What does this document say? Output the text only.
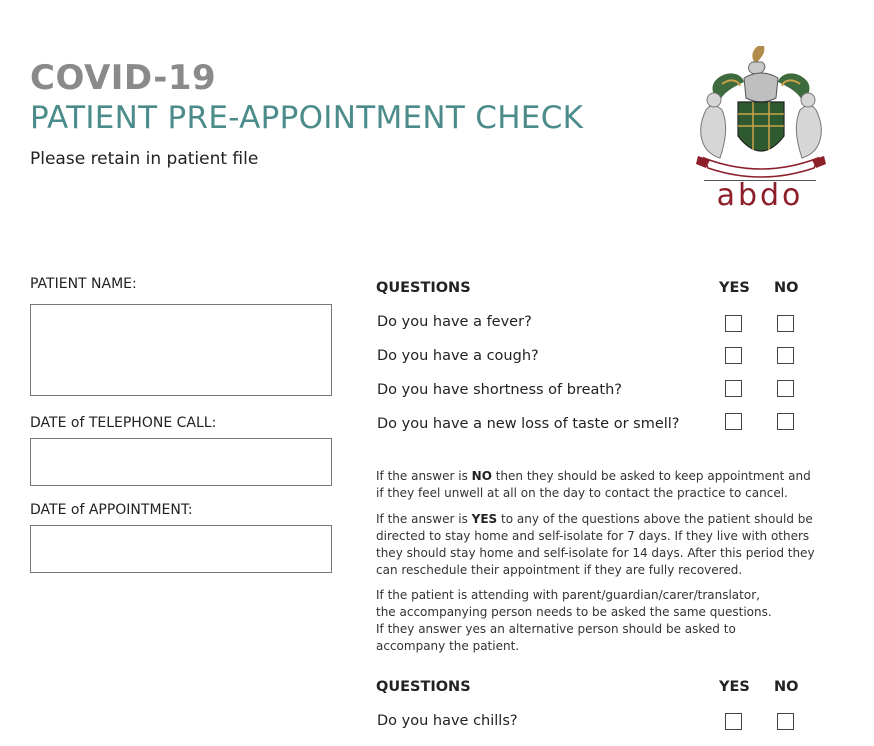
COVID-19
PATIENT PRE-APPOINTMENT CHECK
Please retain in patient file
abdo
PATIENT NAME:
DATE of TELEPHONE CALL:
DATE of APPOINTMENT:
QUESTIONS	YES NO
Do you have a fever?
Do you have a cough?
Do you have shortness of breath?
Do you have a new loss of taste or smell?
If the answer is NO then they should be asked to keep appointment and if they feel unwell at all on the day to contact the practice to cancel.
If the answer is YES to any of the questions above the patient should be directed to stay home and self-isolate for 7 days. If they live with others they should stay home and self-isolate for 14 days. After this period they can reschedule their appointment if they are fully recovered.
If the patient is attending with parent/guardian/carer/translator,
the accompanying person needs to be asked the same questions.
If they answer yes an alternative person should be asked to
accompany the patient.
QUESTIONS	YES NO
Do you have chills?
